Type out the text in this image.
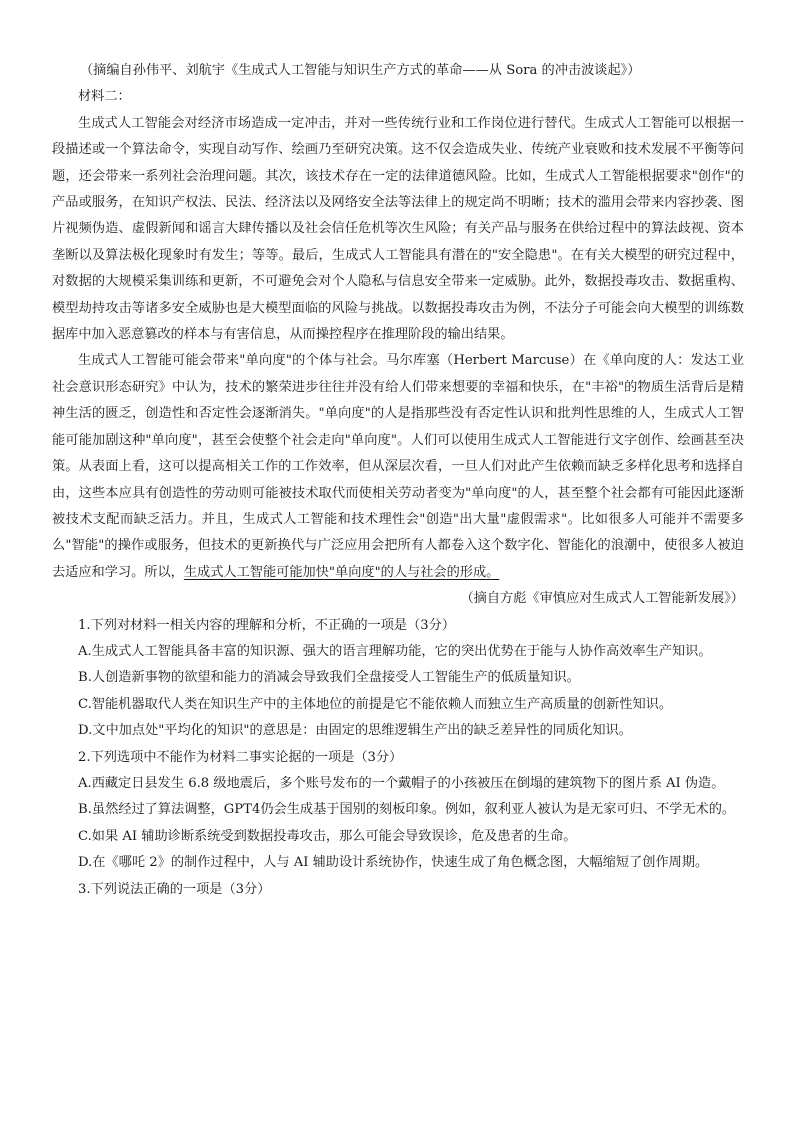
（摘编自孙伟平、刘航宇《生成式人工智能与知识生产方式的革命——从 Sora 的冲击波谈起》）

材料二：

生成式人工智能会对经济市场造成一定冲击，并对一些传统行业和工作岗位进行替代。生成式人工智能可以根据一段描述或一个算法命令，实现自动写作、绘画乃至研究决策。这不仅会造成失业、传统产业衰败和技术发展不平衡等问题，还会带来一系列社会治理问题。其次，该技术存在一定的法律道德风险。比如，生成式人工智能根据要求"创作"的产品或服务，在知识产权法、民法、经济法以及网络安全法等法律上的规定尚不明晰；技术的滥用会带来内容抄袭、图片视频伪造、虚假新闻和谣言大肆传播以及社会信任危机等次生风险；有关产品与服务在供给过程中的算法歧视、资本垄断以及算法极化现象时有发生；等等。最后，生成式人工智能具有潜在的"安全隐患"。在有关大模型的研究过程中，对数据的大规模采集训练和更新，不可避免会对个人隐私与信息安全带来一定威胁。此外，数据投毒攻击、数据重构、模型劫持攻击等诸多安全威胁也是大模型面临的风险与挑战。以数据投毒攻击为例，不法分子可能会向大模型的训练数据库中加入恶意篡改的样本与有害信息，从而操控程序在推理阶段的输出结果。

生成式人工智能可能会带来"单向度"的个体与社会。马尔库塞（Herbert Marcuse）在《单向度的人：发达工业社会意识形态研究》中认为，技术的繁荣进步往往并没有给人们带来想要的幸福和快乐，在"丰裕"的物质生活背后是精神生活的匮乏，创造性和否定性会逐渐消失。"单向度"的人是指那些没有否定性认识和批判性思维的人，生成式人工智能可能加剧这种"单向度"，甚至会使整个社会走向"单向度"。人们可以使用生成式人工智能进行文字创作、绘画甚至决策。从表面上看，这可以提高相关工作的工作效率，但从深层次看，一旦人们对此产生依赖而缺乏多样化思考和选择自由，这些本应具有创造性的劳动则可能被技术取代而使相关劳动者变为"单向度"的人，甚至整个社会都有可能因此逐渐被技术支配而缺乏活力。并且，生成式人工智能和技术理性会"创造"出大量"虚假需求"。比如很多人可能并不需要多么"智能"的操作或服务，但技术的更新换代与广泛应用会把所有人都卷入这个数字化、智能化的浪潮中，使很多人被迫去适应和学习。所以，生成式人工智能可能加快"单向度"的人与社会的形成。

（摘自方彪《审慎应对生成式人工智能新发展》）

1.下列对材料一相关内容的理解和分析，不正确的一项是（3分）

A.生成式人工智能具备丰富的知识源、强大的语言理解功能，它的突出优势在于能与人协作高效率生产知识。

B.人创造新事物的欲望和能力的消减会导致我们全盘接受人工智能生产的低质量知识。

C.智能机器取代人类在知识生产中的主体地位的前提是它不能依赖人而独立生产高质量的创新性知识。

D.文中加点处"平均化的知识"的意思是：由固定的思维逻辑生产出的缺乏差异性的同质化知识。

2.下列选项中不能作为材料二事实论据的一项是（3分）

A.西藏定日县发生 6.8 级地震后，多个账号发布的一个戴帽子的小孩被压在倒塌的建筑物下的图片系 AI 伪造。

B.虽然经过了算法调整，GPT4仍会生成基于国别的刻板印象。例如，叙利亚人被认为是无家可归、不学无术的。

C.如果 AI 辅助诊断系统受到数据投毒攻击，那么可能会导致误诊，危及患者的生命。

D.在《哪吒 2》的制作过程中，人与 AI 辅助设计系统协作，快速生成了角色概念图，大幅缩短了创作周期。

3.下列说法正确的一项是（3分）
